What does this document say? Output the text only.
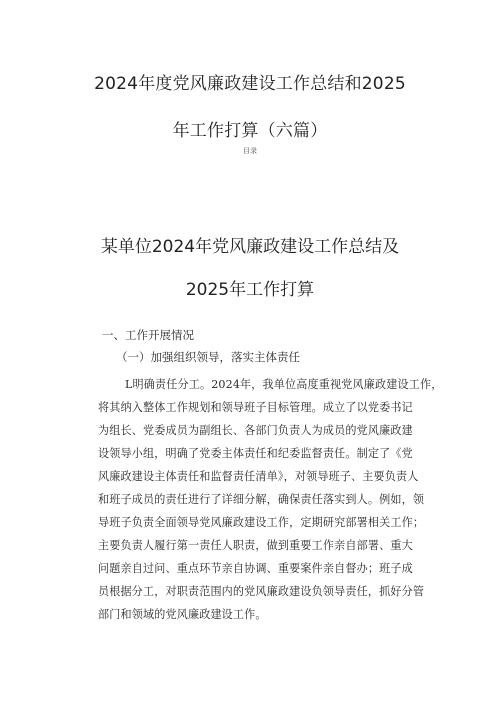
2024年度党风廉政建设工作总结和2025
年工作打算（六篇）
目录
某单位2024年党风廉政建设工作总结及
2025年工作打算
一、工作开展情况
（一）加强组织领导，落实主体责任
L明确责任分工。2024年，我单位高度重视党风廉政建设工作，
将其纳入整体工作规划和领导班子目标管理。成立了以党委书记
为组长、党委成员为副组长、各部门负责人为成员的党风廉政建
设领导小组，明确了党委主体责任和纪委监督责任。制定了《党
风廉政建设主体责任和监督责任清单》，对领导班子、主要负责人
和班子成员的责任进行了详细分解，确保责任落实到人。例如，领
导班子负责全面领导党风廉政建设工作，定期研究部署相关工作；
主要负责人履行第一责任人职责，做到重要工作亲自部署、重大
问题亲自过问、重点环节亲自协调、重要案件亲自督办；班子成
员根据分工，对职责范围内的党风廉政建设负领导责任，抓好分管
部门和领域的党风廉政建设工作。
